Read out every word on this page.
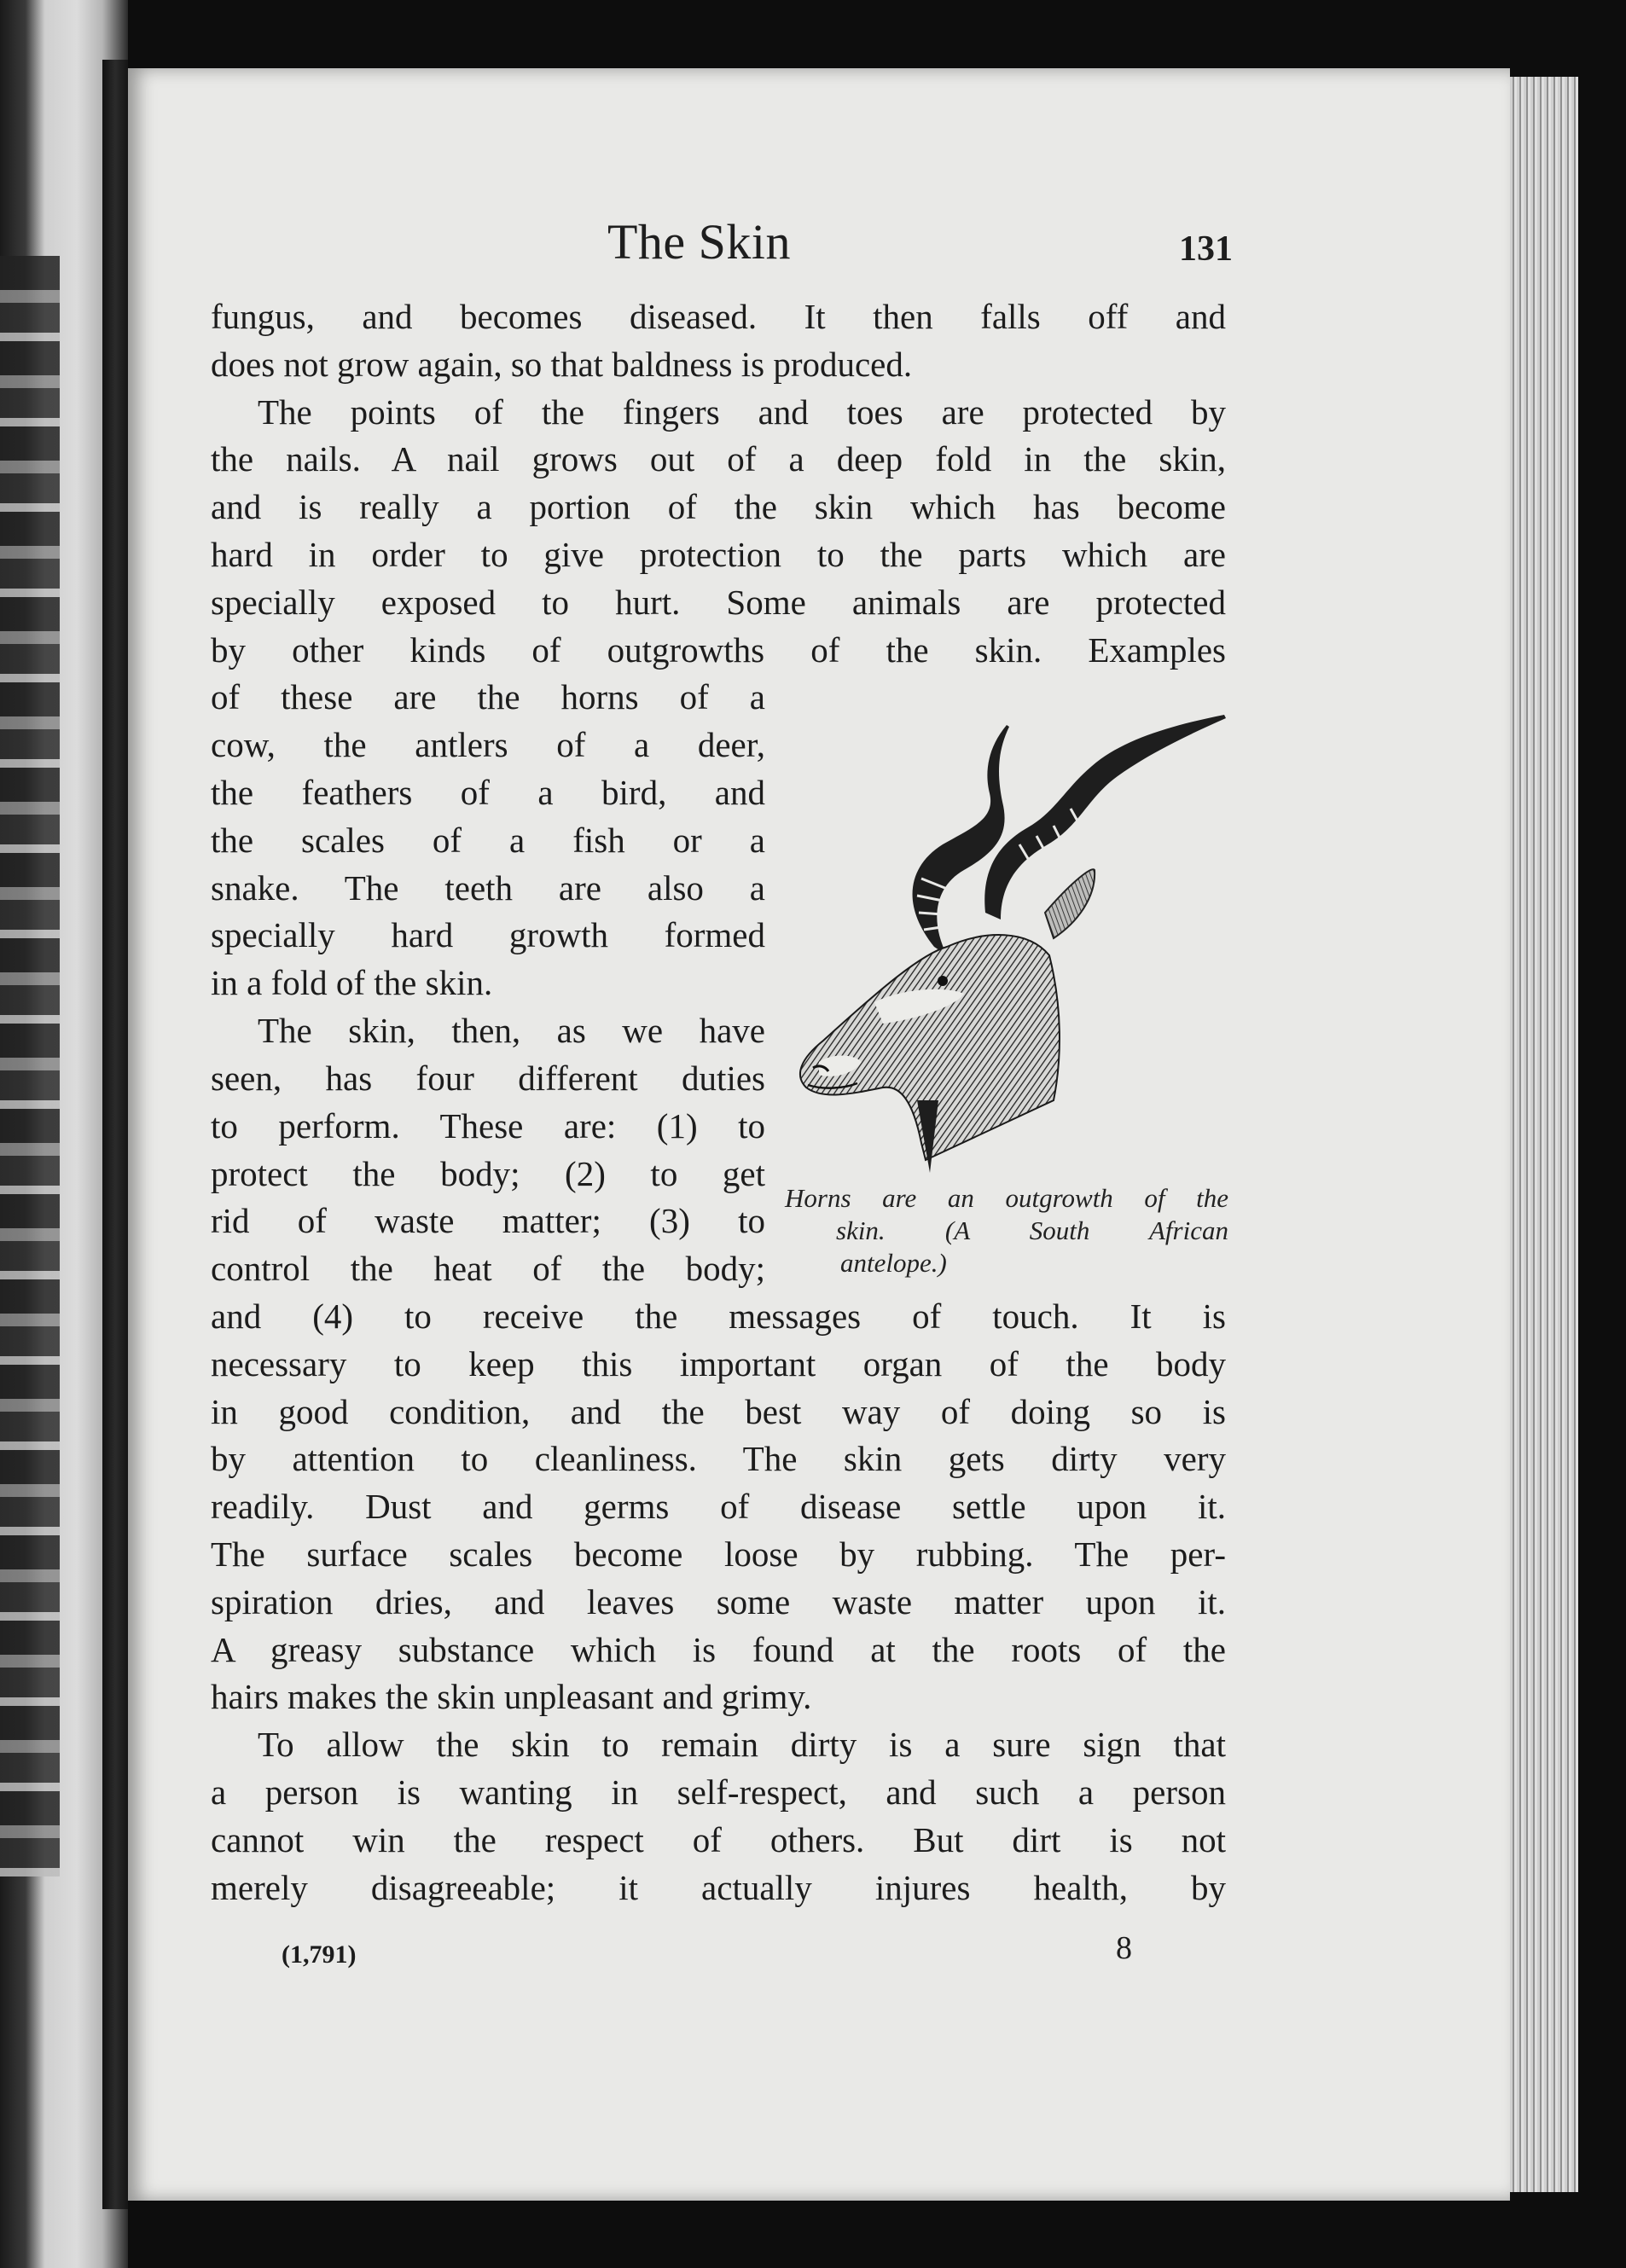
The Skin	131
fungus, and becomes diseased. It then falls off and
does not grow again, so that baldness is produced.
The points of the fingers and toes are protected by
the nails. A nail grows out of a deep fold in the skin,
and is really a portion of the skin which has become
hard in order to give protection to the parts which are
specially exposed to hurt. Some animals are protected
by other kinds of outgrowths of the skin. Examples
of these are the horns of a
cow, the antlers of a deer,
the feathers of a bird, and
the scales of a fish or a
snake. The teeth are also a
specially hard growth formed
in a fold of the skin.
The skin, then, as we have
seen, has four different duties
to perform. These are: (1) to
protect the body; (2) to get
rid of waste matter; (3) to
control the heat of the body;
and (4) to receive the messages of touch. It is
necessary to keep this important organ of the body
in good condition, and the best way of doing so is
by attention to cleanliness. The skin gets dirty very
readily. Dust and germs of disease settle upon it.
The surface scales become loose by rubbing. The per-
spiration dries, and leaves some waste matter upon it.
A greasy substance which is found at the roots of the
hairs makes the skin unpleasant and grimy.
To allow the skin to remain dirty is a sure sign that
a person is wanting in self-respect, and such a person
cannot win the respect of others. But dirt is not
merely disagreeable; it actually injures health, by
Horns are an outgrowth of the
skin. (A South African
antelope.)
(1,791)	8
